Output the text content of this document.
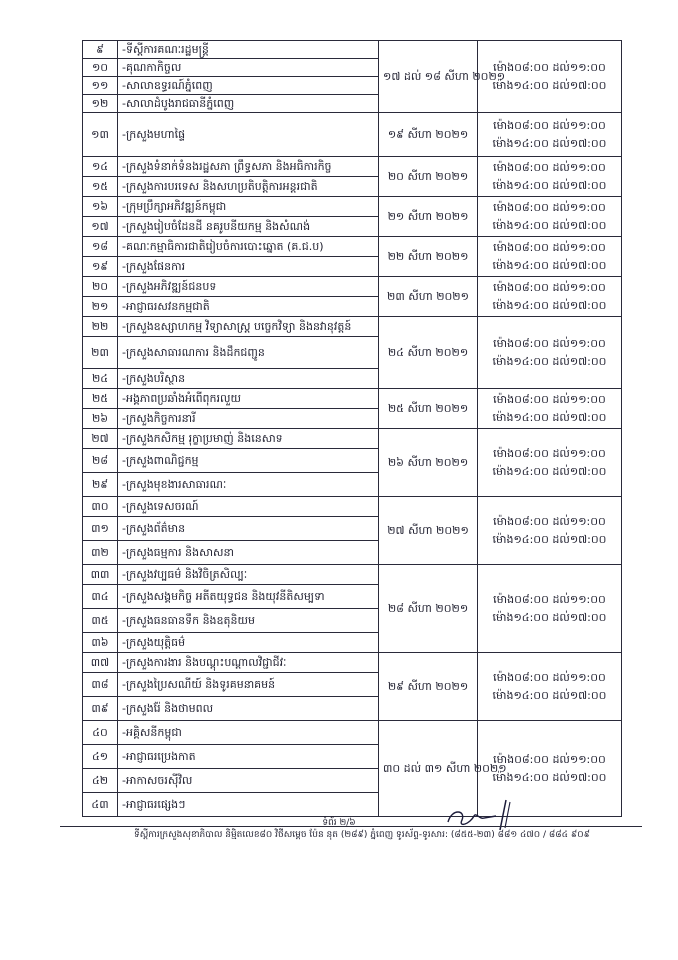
៩	-ទីស្ដីការគណៈរដ្ឋមន្ត្រី	១៧ ដល់ ១៨ សីហា ២០២១	ម៉ោង០៨:០០ ដល់១១:០០
ម៉ោង១៤:០០ ដល់១៧:០០

១០	-គុណកាកិច្ចល		
១១	-សាលាឧទ្ធរណ៍ភ្នំពេញ		
១២	-សាលាដំបូងរាជធានីភ្នំពេញ		
១៣	-ក្រសួងមហាផ្ទៃ	១៩ សីហា ២០២១	ម៉ោង០៨:០០ ដល់១១:០០
ម៉ោង១៤:០០ ដល់១៧:០០

១៤	-ក្រសួងទំនាក់ទំនងរដ្ឋសភា ព្រឹទ្ធសភា និងអធិការកិច្ច	២០ សីហា ២០២១	ម៉ោង០៨:០០ ដល់១១:០០
ម៉ោង១៤:០០ ដល់១៧:០០

១៥	-ក្រសួងការបរទេស និងសហប្រតិបត្តិការអន្តរជាតិ		
១៦	-ក្រុមប្រឹក្សាអភិវឌ្ឍន៍កម្ពុជា	២១ សីហា ២០២១	ម៉ោង០៨:០០ ដល់១១:០០
ម៉ោង១៤:០០ ដល់១៧:០០

១៧	-ក្រសួងរៀបចំដែនដី នគរូបនីយកម្ម និងសំណង់		
១៨	-គណៈកម្មាធិការជាតិរៀបចំការបោះឆ្នោត (គ.ជ.ប)	២២ សីហា ២០២១	ម៉ោង០៨:០០ ដល់១១:០០
ម៉ោង១៤:០០ ដល់១៧:០០

១៩	-ក្រសួងផែនការ		
២០	-ក្រសួងអភិវឌ្ឍន៍ជនបទ	២៣ សីហា ២០២១	ម៉ោង០៨:០០ ដល់១១:០០
ម៉ោង១៤:០០ ដល់១៧:០០

២១	-អាជ្ញាធរសវនកម្មជាតិ		
២២	-ក្រសួងឧស្សាហកម្ម វិទ្យាសាស្ត្រ បច្ចេកវិទ្យា និងនវានុវត្តន៍	២៤ សីហា ២០២១	ម៉ោង០៨:០០ ដល់១១:០០
ម៉ោង១៤:០០ ដល់១៧:០០

២៣	-ក្រសួងសាធារណការ និងដឹកជញ្ជូន		
២៤	-ក្រសួងបរិស្ថាន		
២៥	-អង្គភាពប្រឆាំងអំពើពុករលួយ	២៥ សីហា ២០២១	ម៉ោង០៨:០០ ដល់១១:០០
ម៉ោង១៤:០០ ដល់១៧:០០

២៦	-ក្រសួងកិច្ចការនារី		
២៧	-ក្រសួងកសិកម្ម រុក្ខាប្រមាញ់ និងនេសាទ	២៦ សីហា ២០២១	ម៉ោង០៨:០០ ដល់១១:០០
ម៉ោង១៤:០០ ដល់១៧:០០

២៨	-ក្រសួងពាណិជ្ជកម្ម		
២៩	-ក្រសួងមុខងារសាធារណៈ		
៣០	-ក្រសួងទេសចរណ៍	២៧ សីហា ២០២១	ម៉ោង០៨:០០ ដល់១១:០០
ម៉ោង១៤:០០ ដល់១៧:០០

៣១	-ក្រសួងព័ត៌មាន		
៣២	-ក្រសួងធម្មការ និងសាសនា		
៣៣	-ក្រសួងវប្បធម៌ និងវិចិត្រសិល្បៈ	២៨ សីហា ២០២១	ម៉ោង០៨:០០ ដល់១១:០០
ម៉ោង១៤:០០ ដល់១៧:០០

៣៤	-ក្រសួងសង្គមកិច្ច អតីតយុទ្ធជន និងយុវនីតិសម្បទា		
៣៥	-ក្រសួងធនធានទឹក និងឧតុនិយម		
៣៦	-ក្រសួងយុត្តិធម៌		
៣៧	-ក្រសួងការងារ និងបណ្តុះបណ្តាលវិជ្ជាជីវៈ	២៩ សីហា ២០២១	ម៉ោង០៨:០០ ដល់១១:០០
ម៉ោង១៤:០០ ដល់១៧:០០

៣៨	-ក្រសួងប្រៃសណីយ៍ និងទូរគមនាគមន៍		
៣៩	-ក្រសួងរ៉ែ និងថាមពល		
៤០	-អគ្គិសនីកម្ពុជា	៣០ ដល់ ៣១ សីហា ២០២១	ម៉ោង០៨:០០ ដល់១១:០០
ម៉ោង១៤:០០ ដល់១៧:០០

៤១	-អាជ្ញាធរប្រេងកាត		
៤២	-អាកាសចរស៊ីវិល		
៤៣	-អាជ្ញាធរផ្សេងៗ		
ទំព័រ ២/៦
ទីស្ដីការក្រសួងសុខាភិបាល និម្មិតលេខ៨០ វិថីសម្ដេច ប៉ែន នុត (២៨៩) ភ្នំពេញ ទូរស័ព្ទ-ទូរសារ: (៨៥៥-២៣) ៨៨១ ៤៧០ / ៨៨៤ ៩០៩
